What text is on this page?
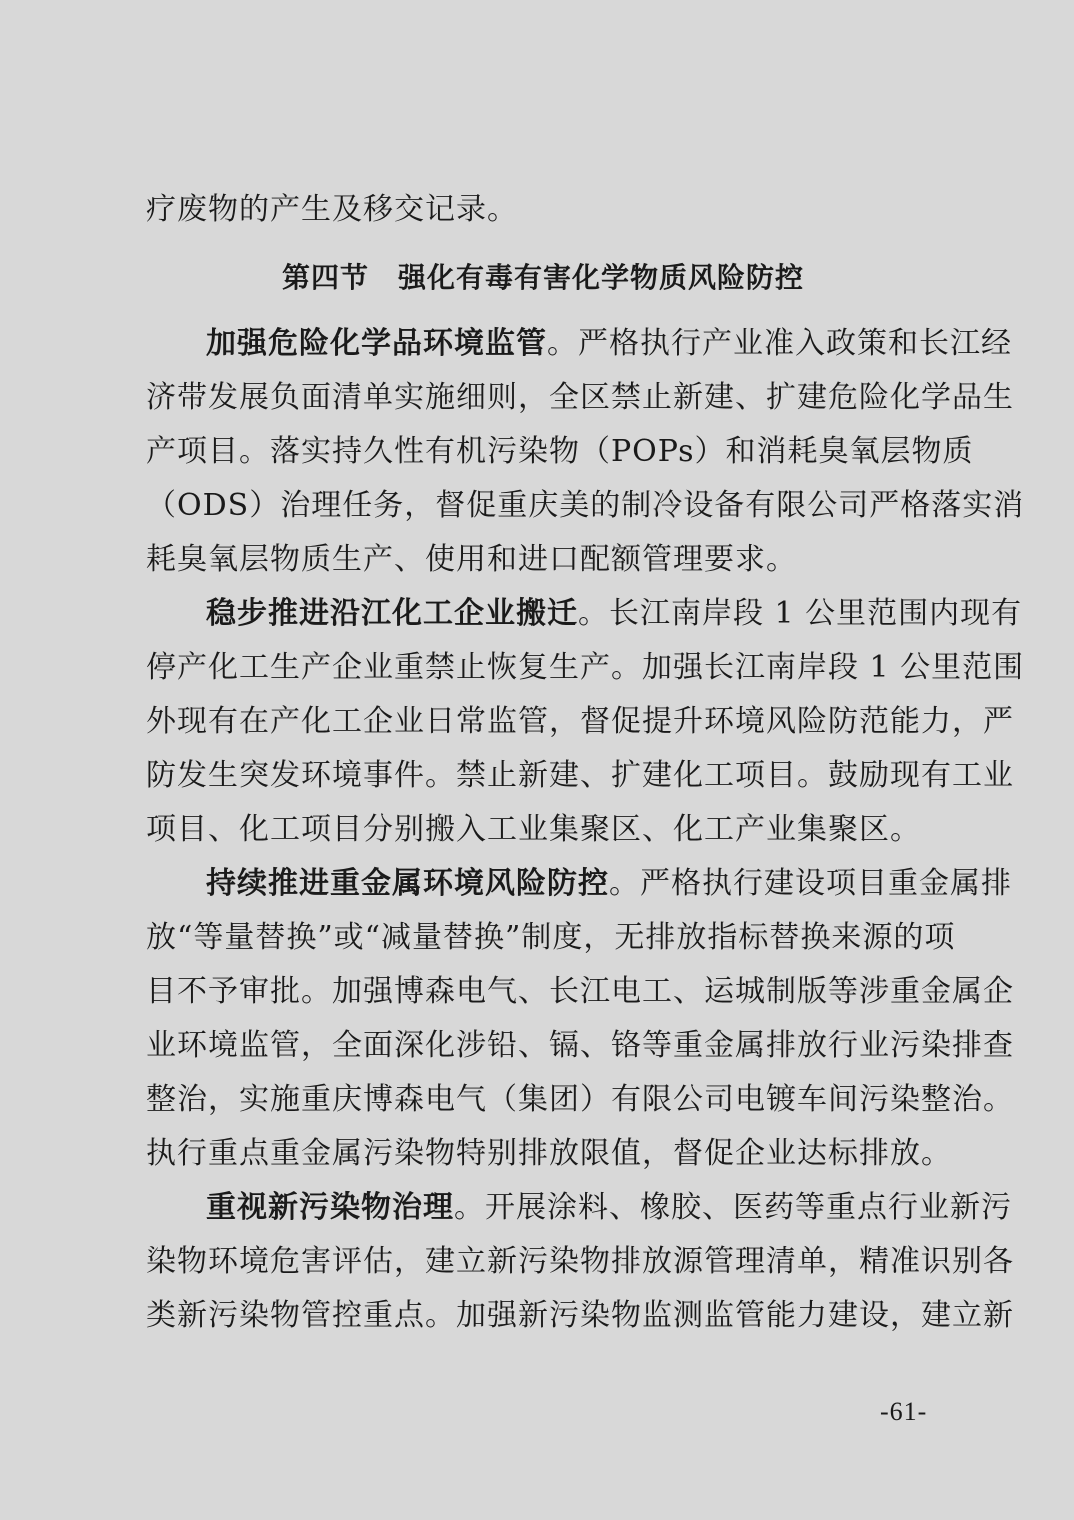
疗废物的产生及移交记录。
第四节　强化有毒有害化学物质风险防控
加强危险化学品环境监管。严格执行产业准入政策和长江经
济带发展负面清单实施细则，全区禁止新建、扩建危险化学品生
产项目。落实持久性有机污染物（POPs）和消耗臭氧层物质
（ODS）治理任务，督促重庆美的制冷设备有限公司严格落实消
耗臭氧层物质生产、使用和进口配额管理要求。
稳步推进沿江化工企业搬迁。长江南岸段 1 公里范围内现有
停产化工生产企业重禁止恢复生产。加强长江南岸段 1 公里范围
外现有在产化工企业日常监管，督促提升环境风险防范能力，严
防发生突发环境事件。禁止新建、扩建化工项目。鼓励现有工业
项目、化工项目分别搬入工业集聚区、化工产业集聚区。
持续推进重金属环境风险防控。严格执行建设项目重金属排
放“等量替换”或“减量替换”制度，无排放指标替换来源的项
目不予审批。加强博森电气、长江电工、运城制版等涉重金属企
业环境监管，全面深化涉铅、镉、铬等重金属排放行业污染排查
整治，实施重庆博森电气（集团）有限公司电镀车间污染整治。
执行重点重金属污染物特别排放限值，督促企业达标排放。
重视新污染物治理。开展涂料、橡胶、医药等重点行业新污
染物环境危害评估，建立新污染物排放源管理清单，精准识别各
类新污染物管控重点。加强新污染物监测监管能力建设，建立新
-61-
